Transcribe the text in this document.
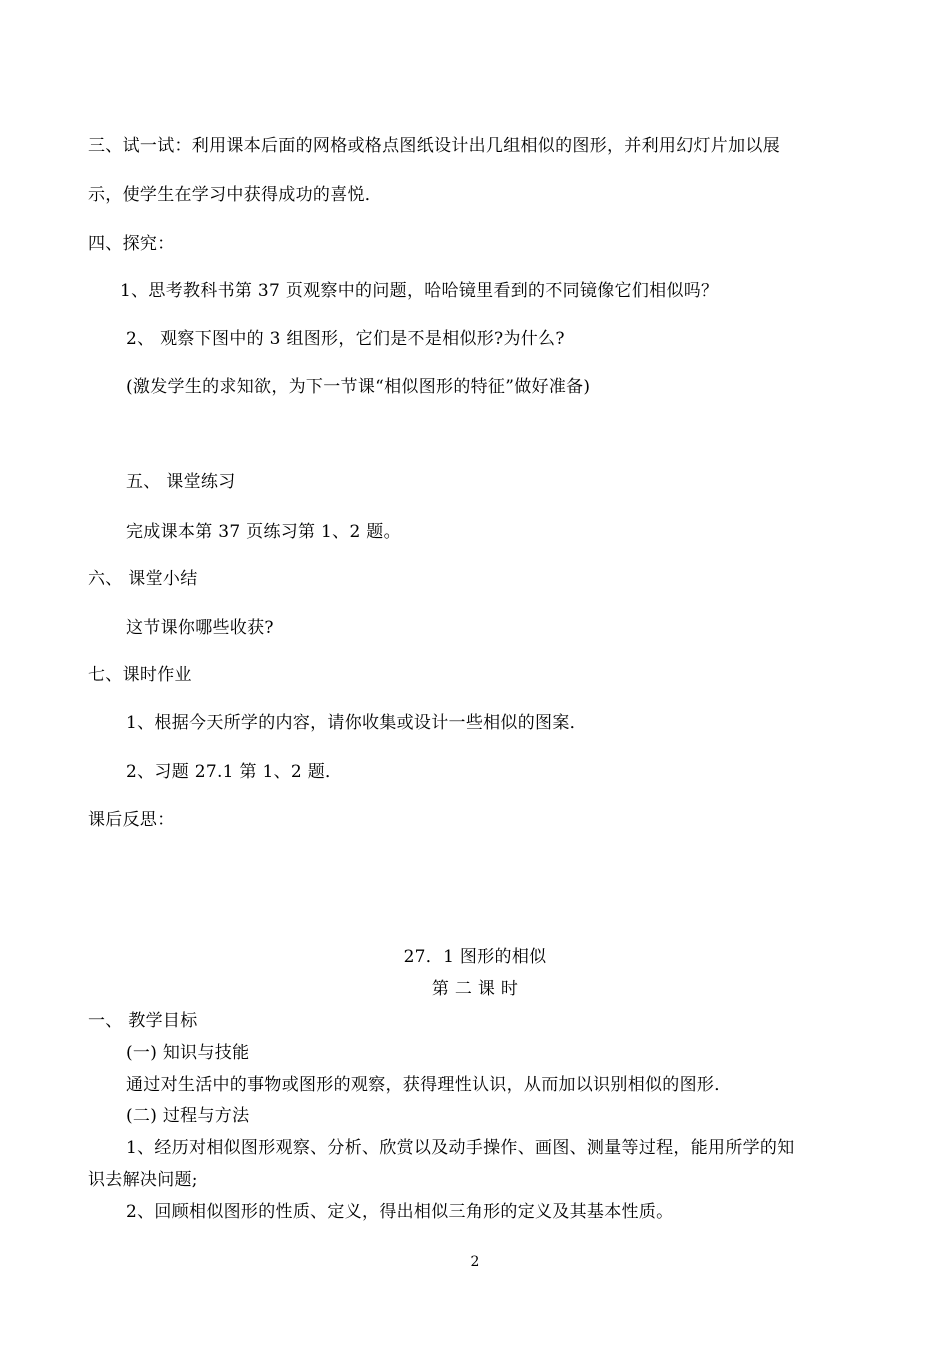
三、试一试：利用课本后面的网格或格点图纸设计出几组相似的图形，并利用幻灯片加以展
示，使学生在学习中获得成功的喜悦．
四、探究：
1、思考教科书第 37 页观察中的问题，哈哈镜里看到的不同镜像它们相似吗？
2、 观察下图中的 3 组图形，它们是不是相似形?为什么?
(激发学生的求知欲，为下一节课“相似图形的特征”做好准备)
五、 课堂练习
完成课本第 37 页练习第 1、2 题。
六、 课堂小结
这节课你哪些收获?
七、课时作业
1、根据今天所学的内容，请你收集或设计一些相似的图案．
2、习题 27.1 第 1、2 题．
课后反思：
27．1 图形的相似
第 二 课 时
一、 教学目标
(一) 知识与技能
通过对生活中的事物或图形的观察，获得理性认识，从而加以识别相似的图形．
(二) 过程与方法
1、经历对相似图形观察、分析、欣赏以及动手操作、画图、测量等过程，能用所学的知
识去解决问题;
2、回顾相似图形的性质、定义，得出相似三角形的定义及其基本性质。
2
